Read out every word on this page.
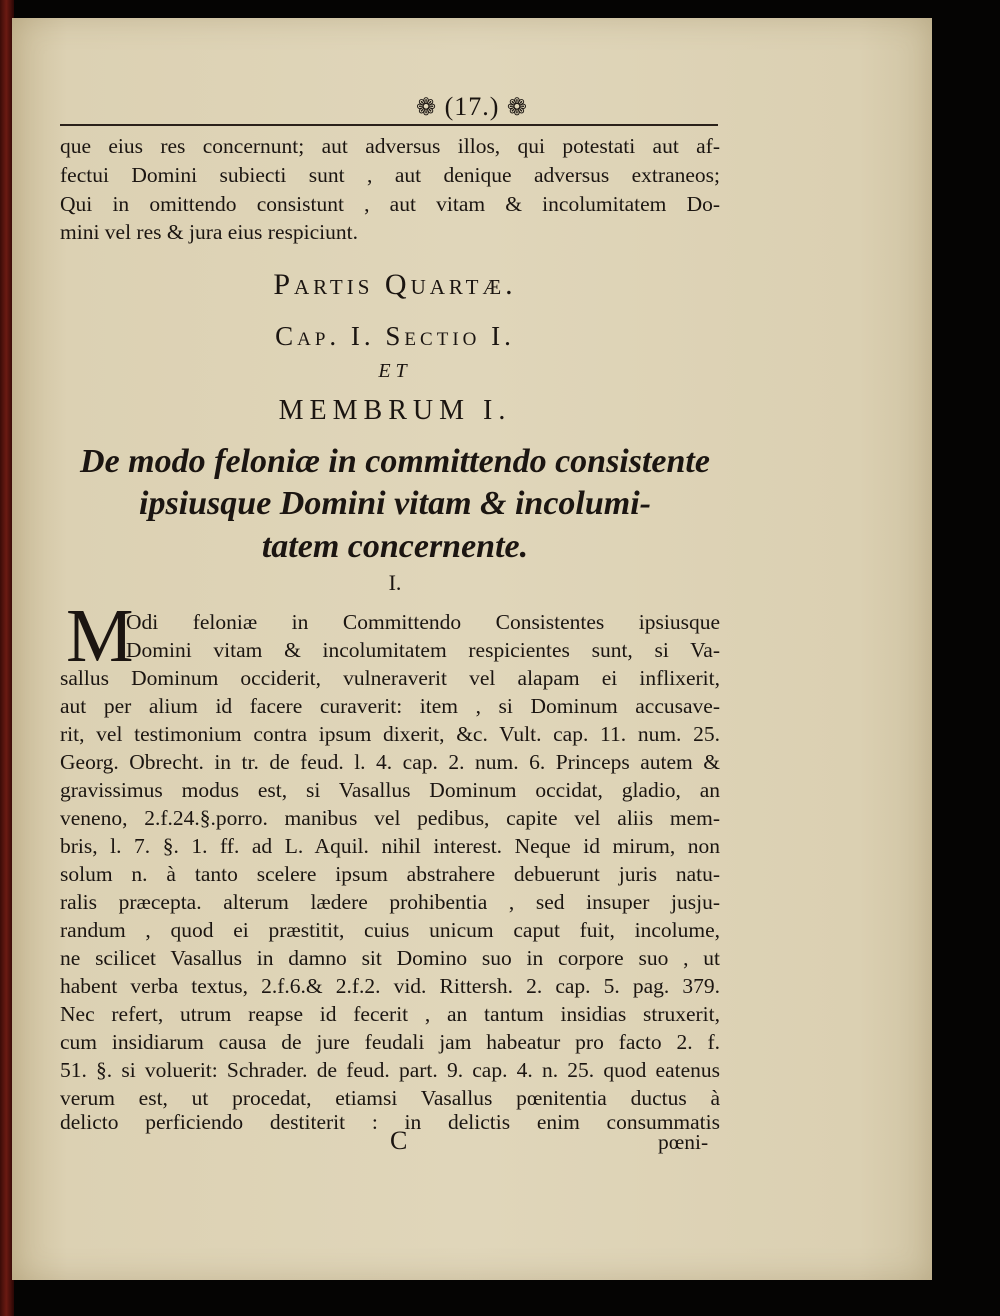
❁ (17.) ❁
que eius res concernunt; aut adversus illos, qui potestati aut af-
fectui Domini subiecti sunt , aut denique adversus extraneos;
Qui in omittendo consistunt , aut vitam & incolumitatem Do-
mini vel res & jura eius respiciunt.
Partis Quartæ.
Cap. I. Sectio I.
ET
MEMBRUM I.
De modo feloniæ in committendo consistente
ipsiusque Domini vitam & incolumi-
tatem concernente.
I.
M
Odi feloniæ in Committendo Consistentes ipsiusque
Domini vitam & incolumitatem respicientes sunt, si Va-
sallus Dominum occiderit, vulneraverit vel alapam ei inflixerit,
aut per alium id facere curaverit: item , si Dominum accusave-
rit, vel testimonium contra ipsum dixerit, &c. Vult. cap. 11. num. 25.
Georg. Obrecht. in tr. de feud. l. 4. cap. 2. num. 6. Princeps autem &
gravissimus modus est, si Vasallus Dominum occidat, gladio, an
veneno, 2.f.24.§.porro. manibus vel pedibus, capite vel aliis mem-
bris, l. 7. §. 1. ff. ad L. Aquil. nihil interest. Neque id mirum, non
solum n. à tanto scelere ipsum abstrahere debuerunt juris natu-
ralis præcepta. alterum lædere prohibentia , sed insuper jusju-
randum , quod ei præstitit, cuius unicum caput fuit, incolume,
ne scilicet Vasallus in damno sit Domino suo in corpore suo , ut
habent verba textus, 2.f.6.& 2.f.2. vid. Rittersh. 2. cap. 5. pag. 379.
Nec refert, utrum reapse id fecerit , an tantum insidias struxerit,
cum insidiarum causa de jure feudali jam habeatur pro facto 2. f.
51. §. si voluerit: Schrader. de feud. part. 9. cap. 4. n. 25. quod eatenus
verum est, ut procedat, etiamsi Vasallus pœnitentia ductus à
delicto perficiendo destiterit : in delictis enim consummatis
C	pœni-
